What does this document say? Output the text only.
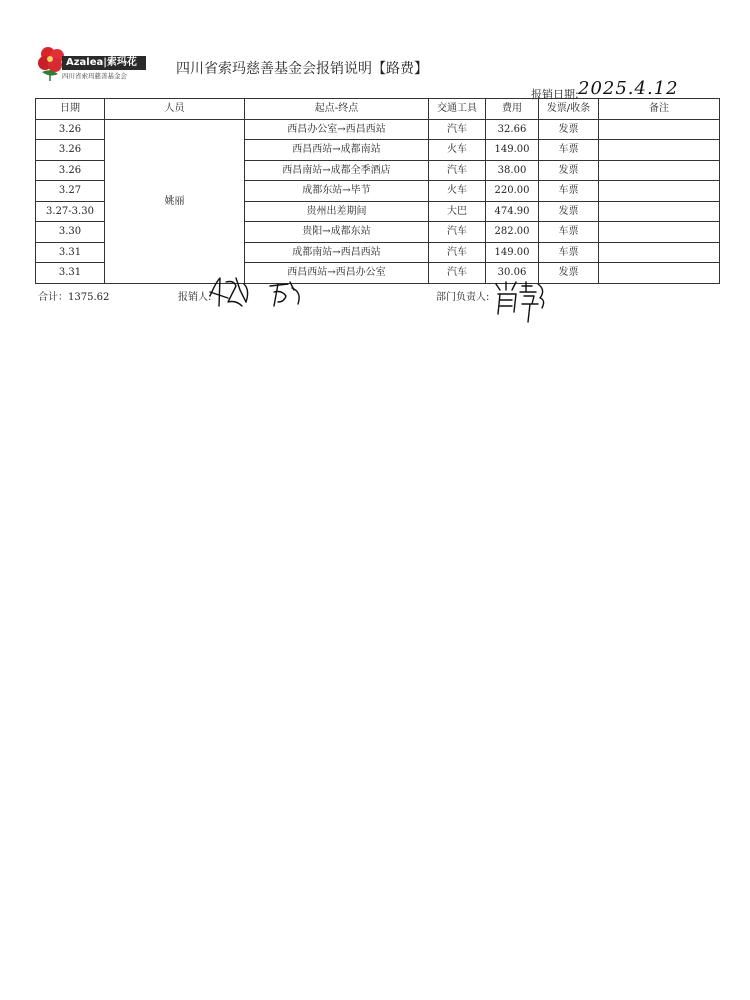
Azalea|索玛花
四川省索玛慈善基金会	四川省索玛慈善基金会报销说明【路费】
报销日期: 2025.4.12
日期	人员	起点-终点	交通工具	费用	发票/收条	备注
3.26	姚丽	西昌办公室→西昌西站	汽车	32.66	发票	
3.26		西昌西站→成都南站	火车	149.00	车票	
3.26		西昌南站→成都全季酒店	汽车	38.00	发票	
3.27		成都东站→毕节	火车	220.00	车票	
3.27-3.30		贵州出差期间	大巴	474.90	发票	
3.30		贵阳→成都东站	汽车	282.00	车票	
3.31		成都南站→西昌西站	汽车	149.00	车票	
3.31		西昌西站→西昌办公室	汽车	30.06	发票	
合计：1375.62	报销人:	部门负责人:
